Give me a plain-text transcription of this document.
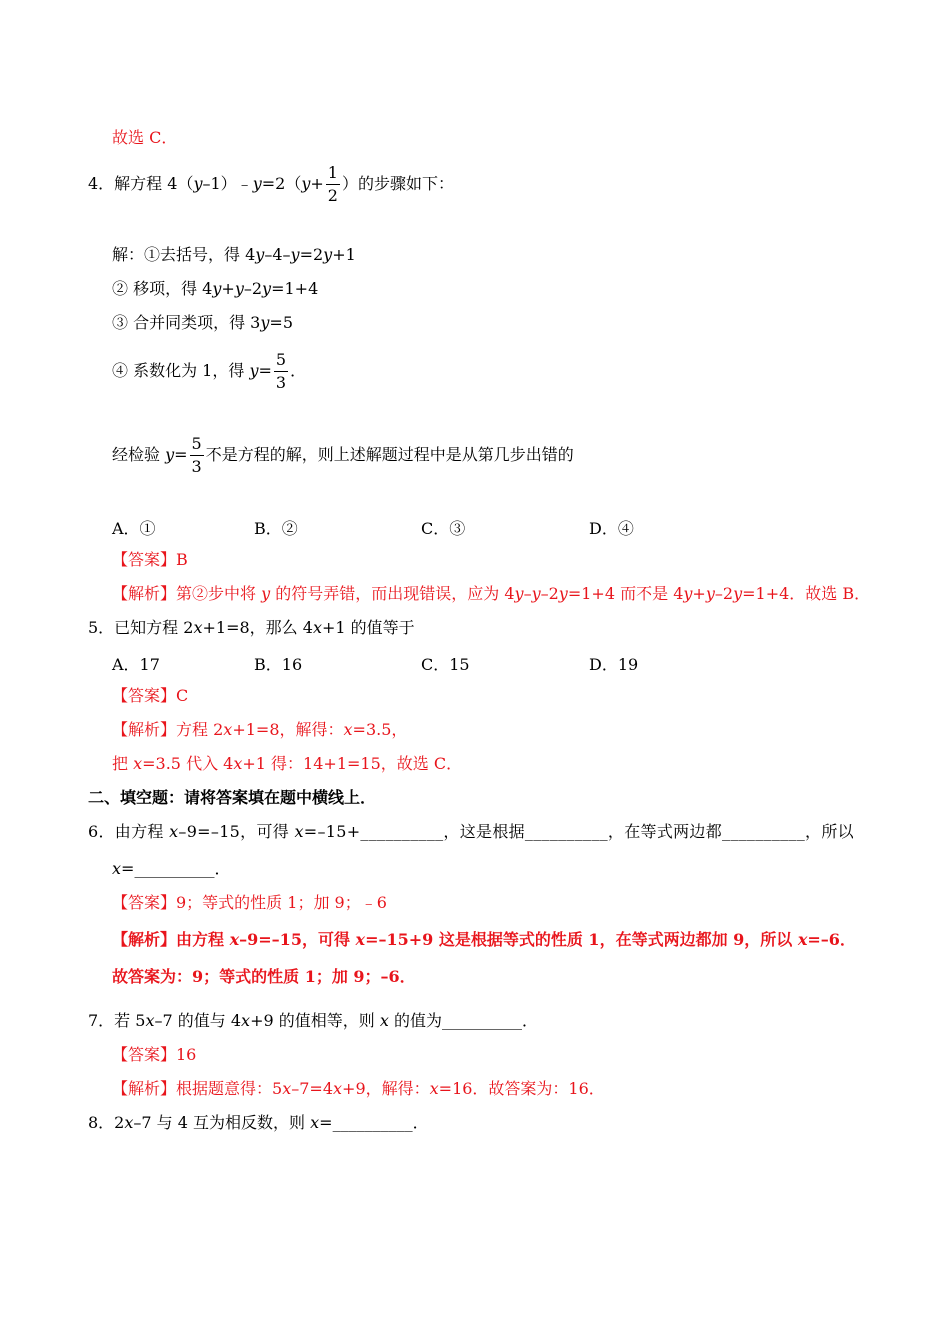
故选 C．
4．解方程 4（y–1）﹣y=2（y+ $\frac{1}{2}$ ）的步骤如下：
解：①去括号，得 4y–4–y=2y+1
② 移项，得 4y+y–2y=1+4
③ 合并同类项，得 3y=5
④ 系数化为 1，得 $y= \frac{5}{3}$ ．
经检验 $y= \frac{5}{3}$ 不是方程的解，则上述解题过程中是从第几步出错的
A．①	B．②	C．③	D．④
【答案】B
【解析】第②步中将 y 的符号弄错，而出现错误，应为 4y–y–2y=1+4 而不是 4y+y–2y=1+4．故选 B．
5．已知方程 2x+1=8，那么 4x+1 的值等于
A．17	B．16	C．15	D．19
【答案】C
【解析】方程 2x+1=8，解得：x=3.5，
把 x=3.5 代入 4x+1 得：14+1=15，故选 C．
二、填空题：请将答案填在题中横线上．
6．由方程 x–9=–15，可得 x=–15+__________，这是根据__________，在等式两边都__________，所以
x=__________．
【答案】9；等式的性质 1；加 9；﹣6
【解析】由方程 x–9=–15，可得 x=–15+9 这是根据等式的性质 1，在等式两边都加 9，所以 x=–6．
故答案为：9；等式的性质 1；加 9；–6．
7．若 5x–7 的值与 4x+9 的值相等，则 x 的值为__________．
【答案】16
【解析】根据题意得：5x–7=4x+9，解得：x=16．故答案为：16．
8．2x–7 与 4 互为相反数，则 x=__________．
